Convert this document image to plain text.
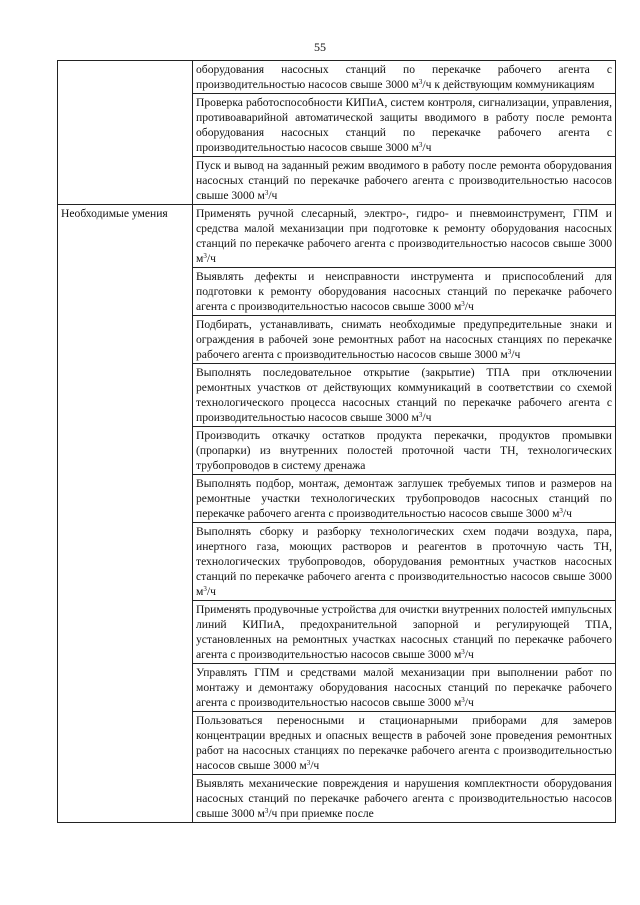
55
	оборудования насосных станций по перекачке рабочего агента с производительностью насосов свыше 3000 $м^3/ч$ к действующим коммуникациям
	Проверка работоспособности КИПиА, систем контроля, сигнализации, управления, противоаварийной автоматической защиты вводимого в работу после ремонта оборудования насосных станций по перекачке рабочего агента с производительностью насосов свыше 3000 $м^3/ч$
	Пуск и вывод на заданный режим вводимого в работу после ремонта оборудования насосных станций по перекачке рабочего агента с производительностью насосов свыше 3000 $м^3/ч$
Необходимые умения	Применять ручной слесарный, электро-, гидро- и пневмоинструмент, ГПМ и средства малой механизации при подготовке к ремонту оборудования насосных станций по перекачке рабочего агента с производительностью насосов свыше 3000 $м^3/ч$
	Выявлять дефекты и неисправности инструмента и приспособлений для подготовки к ремонту оборудования насосных станций по перекачке рабочего агента с производительностью насосов свыше 3000 $м^3/ч$
	Подбирать, устанавливать, снимать необходимые предупредительные знаки и ограждения в рабочей зоне ремонтных работ на насосных станциях по перекачке рабочего агента с производительностью насосов свыше 3000 $м^3/ч$
	Выполнять последовательное открытие (закрытие) ТПА при отключении ремонтных участков от действующих коммуникаций в соответствии со схемой технологического процесса насосных станций по перекачке рабочего агента с производительностью насосов свыше 3000 $м^3/ч$
	Производить откачку остатков продукта перекачки, продуктов промывки (пропарки) из внутренних полостей проточной части ТН, технологических трубопроводов в систему дренажа
	Выполнять подбор, монтаж, демонтаж заглушек требуемых типов и размеров на ремонтные участки технологических трубопроводов насосных станций по перекачке рабочего агента с производительностью насосов свыше 3000 $м^3/ч$
	Выполнять сборку и разборку технологических схем подачи воздуха, пара, инертного газа, моющих растворов и реагентов в проточную часть ТН, технологических трубопроводов, оборудования ремонтных участков насосных станций по перекачке рабочего агента с производительностью насосов свыше 3000 $м^3/ч$
	Применять продувочные устройства для очистки внутренних полостей импульсных линий КИПиА, предохранительной запорной и регулирующей ТПА, установленных на ремонтных участках насосных станций по перекачке рабочего агента с производительностью насосов свыше 3000 $м^3/ч$
	Управлять ГПМ и средствами малой механизации при выполнении работ по монтажу и демонтажу оборудования насосных станций по перекачке рабочего агента с производительностью насосов свыше 3000 $м^3/ч$
	Пользоваться переносными и стационарными приборами для замеров концентрации вредных и опасных веществ в рабочей зоне проведения ремонтных работ на насосных станциях по перекачке рабочего агента с производительностью насосов свыше 3000 $м^3/ч$
	Выявлять механические повреждения и нарушения комплектности оборудования насосных станций по перекачке рабочего агента с производительностью насосов свыше 3000 $м^3/ч$ при приемке после
